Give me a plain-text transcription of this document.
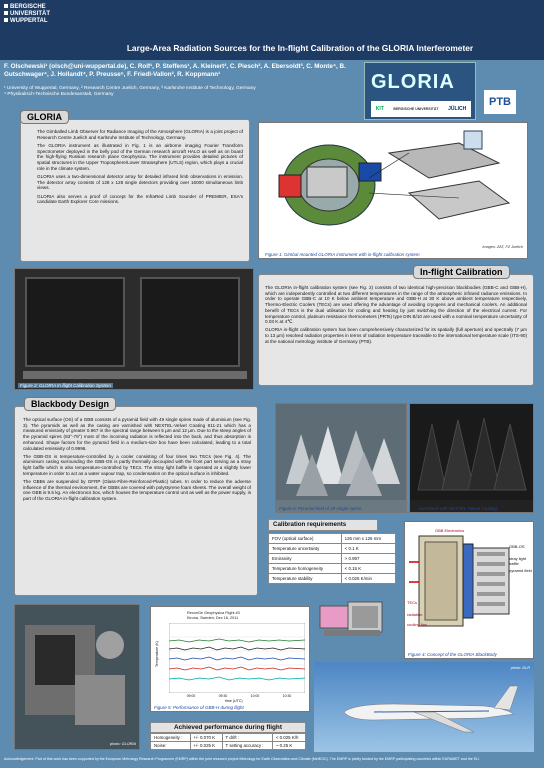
BERGISCHE
UNIVERSITÄT
WUPPERTAL
Large-Area Radiation Sources for the In-flight Calibration of the GLORIA Interferometer
F. Olschewski¹ (olsch@uni-wuppertal.de), C. Rolf¹, P. Steffens¹, A. Kleinert², C. Piesch², A. Ebersoldt³, C. Monte⁴, B. Gutschwager⁴, J. Hollandt⁴, P. Preusse⁵, F. Friedl-Vallon², R. Koppmann¹
¹ University of Wuppertal, Germany, ² Research Centre Juelich, Germany, ³ Karlsruhe Institute of Technology, Germany
⁴ Physikalisch-Technische Bundesanstalt, Germany
GLORIA
KIT	BERGISCHE UNIVERSITÄT JÜLICH
PTB

The Gimballed Limb Observer for Radiance Imaging of the Atmosphere (GLORIA) is a joint project of Research Centre Juelich and Karlsruhe Institute of Technology, Germany.

The GLORIA instrument as illustrated in Fig. 1 is an airborne imaging Fourier Transform Spectrometer deployed in the belly pod of the German research aircraft HALO as well as on board the high-flying Russian research plane Geophysica. The instrument provides detailed pictures of spatial structures in the Upper Troposphere/Lower Stratosphere (UTLS) region, which plays a crucial role in the climate system.

GLORIA uses a two-dimensional detector array for detailed infrared limb observations in emission. The detector array consists of 128 x 128 single detectors providing over 16000 simultaneous limb views.

GLORIA also serves a proof of concept for the InfraRed Limb Sounder of PREMIER, ESA's candidate Earth Explorer Core missions.

GLORIA
images: ZAT, FZ Juelich
Figure 1: Gimbal mounted GLORIA instrument with in-flight calibration system
Figure 2: GLORIA In-flight Calibration System

The GLORIA in-flight calibration system (see Fig. 2) consists of two identical high-precision blackbodies (GBB-C and GBB-H), which are independently controlled at two different temperatures in the range of the atmospheric infrared radiance emissions. In order to operate GBB-C at 10 K below ambient temperature and GBB-H at 30 K above ambient temperature respectively, Thermo-Electric Coolers (TECs) are used offering the advantage of avoiding cryogens and mechanical coolers. An additional benefit of TECs is the dual utilisation for cooling and heating by just switching the direction of the electrical current. For temperature control, platinum resistance thermometers (PRTs) type DIN B/10 are used with a nominal temperature uncertainty of 0.03 K at 4℃.

GLORIA in-flight calibration system has been comprehensively characterized for its spatially (full aperture) and spectrally (7 µm to 13 µm) resolved radiation properties in terms of radiation temperature traceable to the international temperature scale (ITS-90) at the national metrology institute of Germany (PTB).

In-flight Calibration

The optical surface (OS) of a GBB consists of a pyramid field with 49 single spires made of aluminium (see Fig. 3). The pyramids as well as the casing are varnished with NEXTEL-Velvet Coating 811-21 which has a measured emissivity of greater 0.967 in the spectral range between 5 µm and 12 µm. Due to the steep angles of the pyramid spires (83°-79°) most of the incoming radiation is reflected into the back, and thus absorption is enhanced. Shape factors for the pyramid field in a medium-size box have been calculated, leading to a total calculated emissivity of 0.9996.

The GBB-OS is temperature-controlled by a cooler consisting of four times two TECs (see Fig. 4). The aluminium casing surrounding the GBB-OS is partly thermally decoupled with the front part serving as a stray light baffle which is also temperature-controlled by TECs. The stray light baffle is operated at a slightly lower temperature in order to act as a water vapour trap, so condensation on the optical surface is inhibited.

The GBBs are suspended by GFRP (Glass-Fibre-Reinforced-Plastic) tubes. In order to reduce the adverse influence of the thermal environment, the GBBs are covered with polystyrene foam sheets. The overall weight of one GBB is 9.5 kg. An electronics box, which houses the temperature control unit as well as the power supply, is part of the GLORIA in-flight calibration system.

Blackbody Design
Figure 3: Pyramid field of 49 single spires	… varnished with NEXTEL-Velvet Coating
Calibration requirements
FOV (optical surface)	126 mm x 126 mm
Temperature uncertainty	< 0.1 K
Emissivity	> 0.997
Temperature homogeneity	< 0.15 K
Temperature stability	< 0.025 K/min
GBB Electronics
GBB-OS
TECs
radiation
cooling fins
stray light baffle
pyramid field
Figure 4: Concept of the GLORIA BlackBody
ReconGe Geophysica Flight #3
Kiruna, Sweden, Dec 16, 2011
Temperature (K)
09:00	09:30	10:00	10:30
time (UTC)
Figure 5: Performance of GBB-H during flight
Achieved performance during flight
Homogeneity :	+/- 0.070 K	T drift :	< 0.025 K/h
Noise:	+/- 0.025 K	T setting accuracy :	~ 0.25 K
photo: GLORIA
photo: DLR
Acknowledgement: Part of this work has been supported by the European Metrology Research Programme (EMRP) within the joint research project Metrology for Earth Observation and Climate (MetEOC). The EMRP is jointly funded by the EMRP participating countries within EURAMET and the EU.
